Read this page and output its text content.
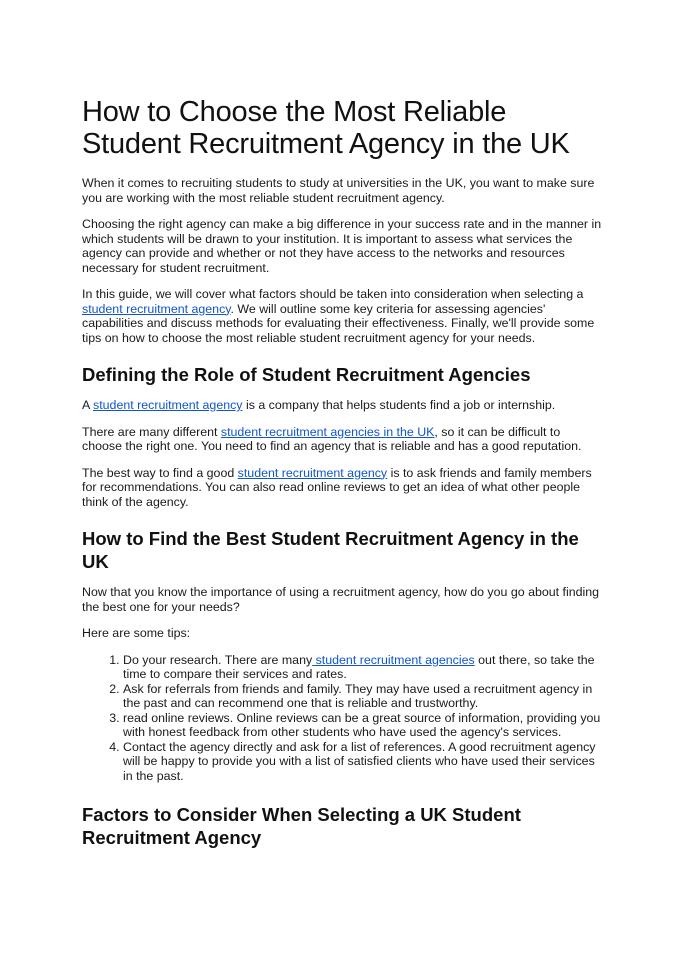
How to Choose the Most Reliable Student Recruitment Agency in the UK

When it comes to recruiting students to study at universities in the UK, you want to make sure you are working with the most reliable student recruitment agency.

Choosing the right agency can make a big difference in your success rate and in the manner in which students will be drawn to your institution. It is important to assess what services the agency can provide and whether or not they have access to the networks and resources necessary for student recruitment.

In this guide, we will cover what factors should be taken into consideration when selecting a student recruitment agency. We will outline some key criteria for assessing agencies' capabilities and discuss methods for evaluating their effectiveness. Finally, we'll provide some tips on how to choose the most reliable student recruitment agency for your needs.

Defining the Role of Student Recruitment Agencies

A student recruitment agency is a company that helps students find a job or internship.

There are many different student recruitment agencies in the UK, so it can be difficult to choose the right one. You need to find an agency that is reliable and has a good reputation.

The best way to find a good student recruitment agency is to ask friends and family members for recommendations. You can also read online reviews to get an idea of what other people think of the agency.

How to Find the Best Student Recruitment Agency in the UK

Now that you know the importance of using a recruitment agency, how do you go about finding the best one for your needs?

Here are some tips:

1. Do your research. There are many student recruitment agencies out there, so take the time to compare their services and rates.
2. Ask for referrals from friends and family. They may have used a recruitment agency in the past and can recommend one that is reliable and trustworthy.
3. read online reviews. Online reviews can be a great source of information, providing you with honest feedback from other students who have used the agency's services.
4. Contact the agency directly and ask for a list of references. A good recruitment agency will be happy to provide you with a list of satisfied clients who have used their services in the past.
Factors to Consider When Selecting a UK Student Recruitment Agency
